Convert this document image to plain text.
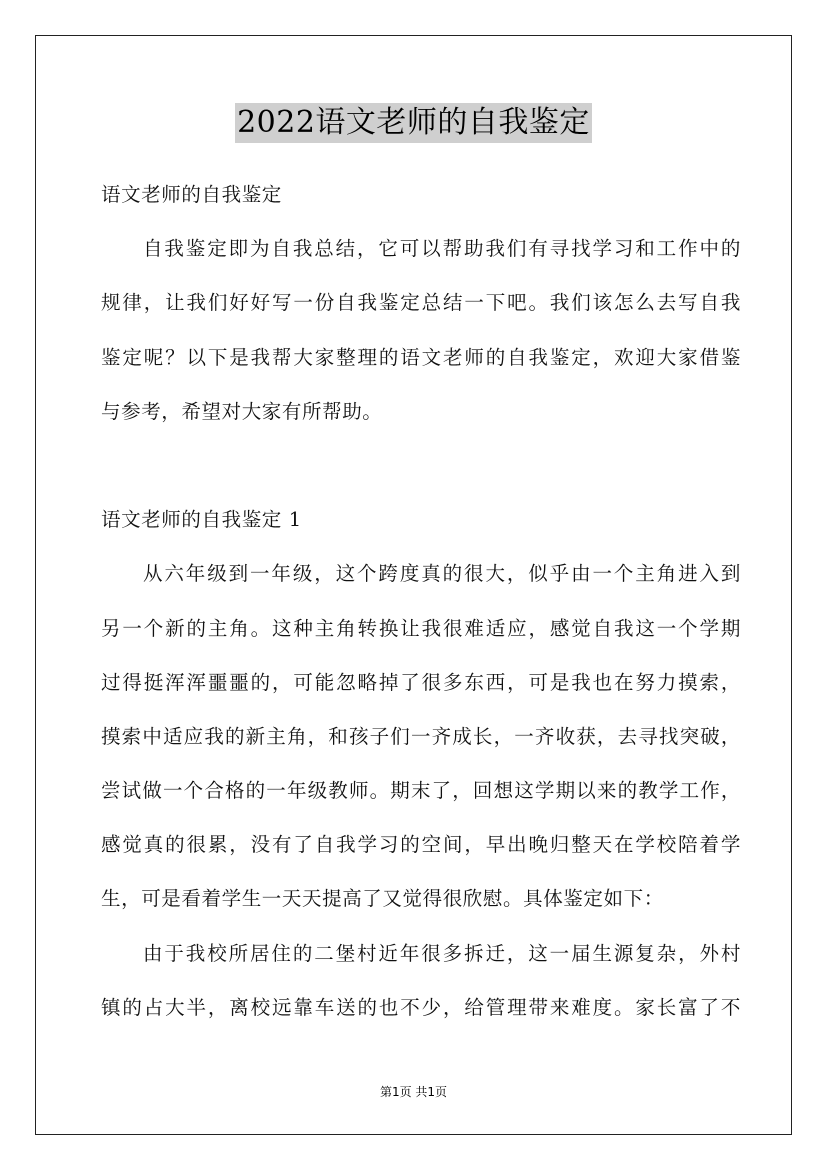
2022语文老师的自我鉴定
语文老师的自我鉴定
自我鉴定即为自我总结，它可以帮助我们有寻找学习和工作中的
规律，让我们好好写一份自我鉴定总结一下吧。我们该怎么去写自我
鉴定呢？以下是我帮大家整理的语文老师的自我鉴定，欢迎大家借鉴
与参考，希望对大家有所帮助。
语文老师的自我鉴定 1
从六年级到一年级，这个跨度真的很大，似乎由一个主角进入到
另一个新的主角。这种主角转换让我很难适应，感觉自我这一个学期
过得挺浑浑噩噩的，可能忽略掉了很多东西，可是我也在努力摸索，
摸索中适应我的新主角，和孩子们一齐成长，一齐收获，去寻找突破，
尝试做一个合格的一年级教师。期末了，回想这学期以来的教学工作，
感觉真的很累，没有了自我学习的空间，早出晚归整天在学校陪着学
生，可是看着学生一天天提高了又觉得很欣慰。具体鉴定如下：
由于我校所居住的二堡村近年很多拆迁，这一届生源复杂，外村
镇的占大半，离校远靠车送的也不少，给管理带来难度。家长富了不
第1页 共1页
